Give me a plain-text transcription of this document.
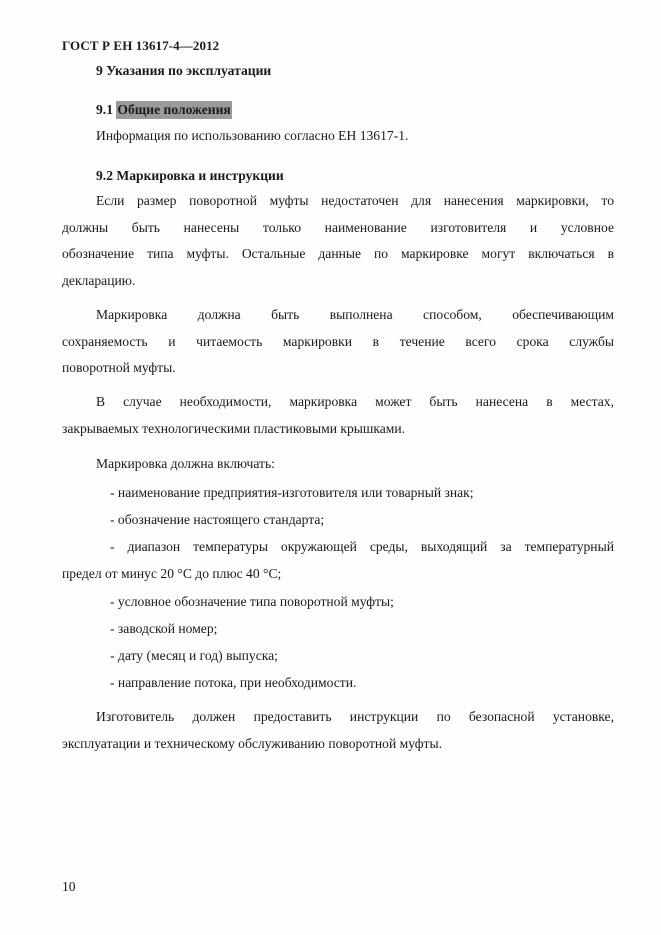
ГОСТ Р ЕН 13617-4—2012
9 Указания по эксплуатации
9.1 Общие положения
Информация по использованию согласно ЕН 13617-1.
9.2 Маркировка и инструкции
Если размер поворотной муфты недостаточен для нанесения маркировки, то
должны быть нанесены только наименование изготовителя и условное
обозначение типа муфты. Остальные данные по маркировке могут включаться в
декларацию.
Маркировка должна быть выполнена способом, обеспечивающим
сохраняемость и читаемость маркировки в течение всего срока службы
поворотной муфты.
В случае необходимости, маркировка может быть нанесена в местах,
закрываемых технологическими пластиковыми крышками.
Маркировка должна включать:
- наименование предприятия-изготовителя или товарный знак;
- обозначение настоящего стандарта;
- диапазон температуры окружающей среды, выходящий за температурный
предел от минус 20 °С до плюс 40 °С;
- условное обозначение типа поворотной муфты;
- заводской номер;
- дату (месяц и год) выпуска;
- направление потока, при необходимости.
Изготовитель должен предоставить инструкции по безопасной установке,
эксплуатации и техническому обслуживанию поворотной муфты.
10
